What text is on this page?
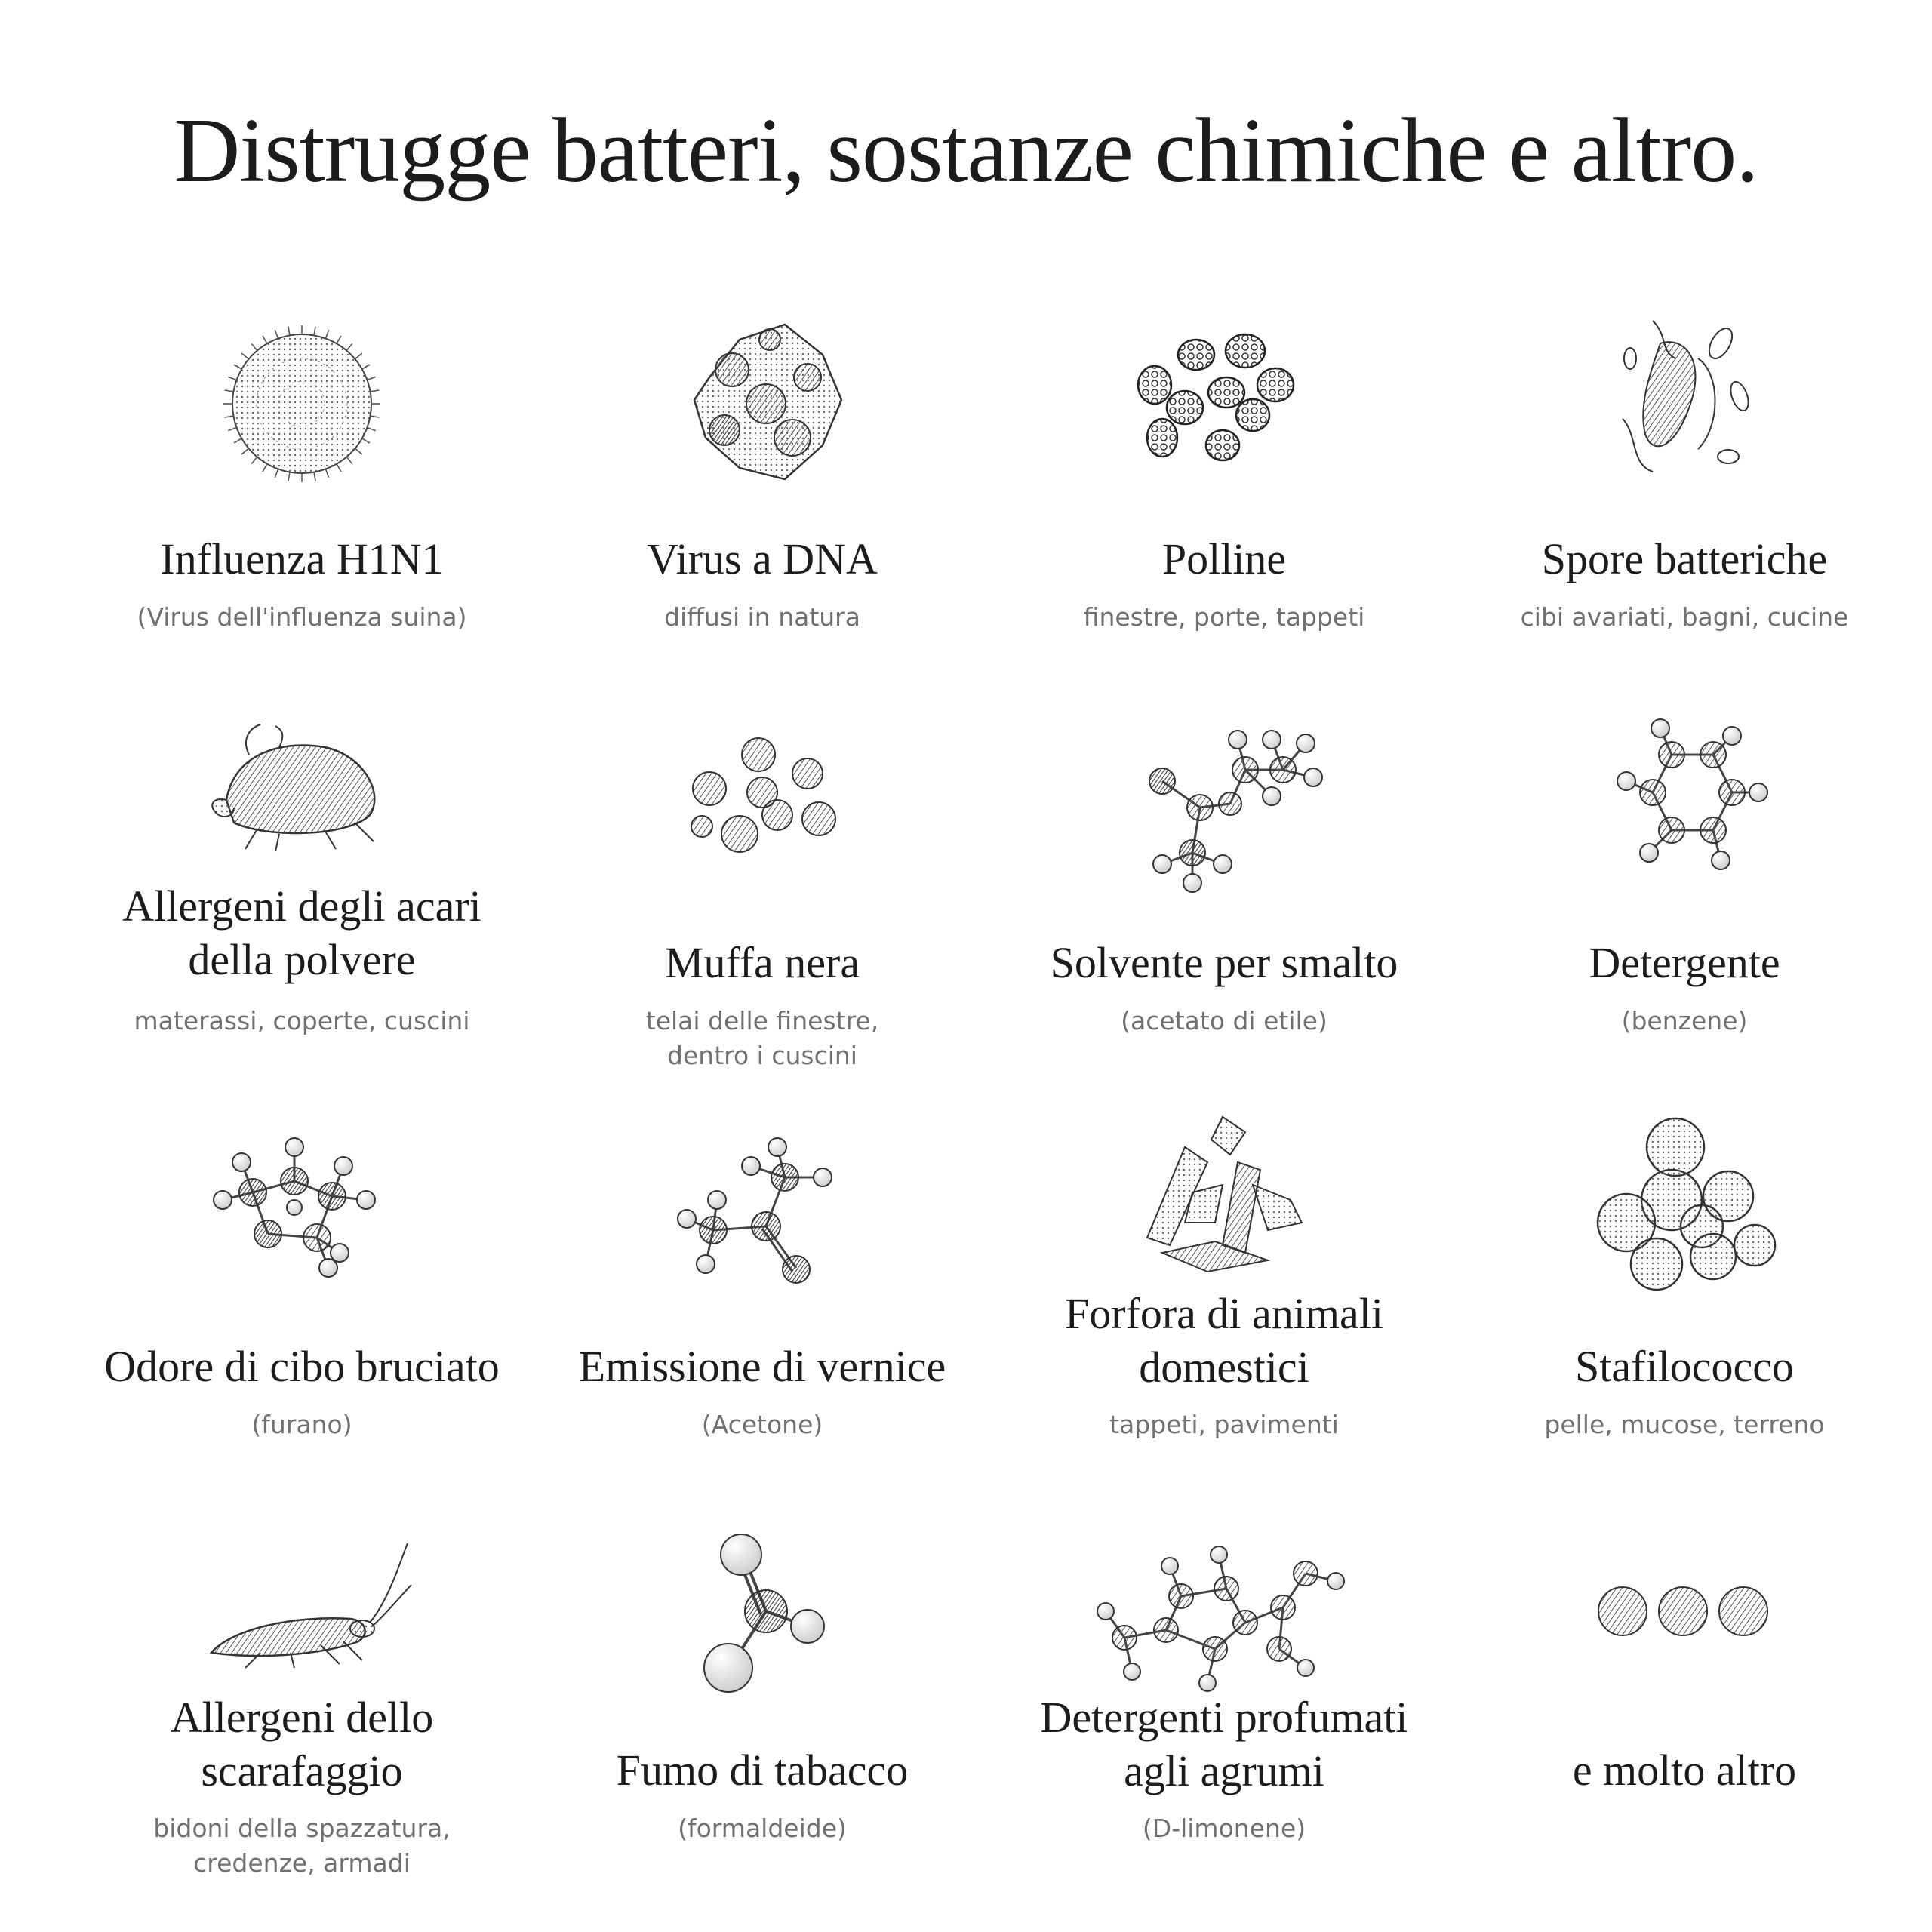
Distrugge batteri, sostanze chimiche e altro.
Influenza H1N1
(Virus dell'influenza suina)
Virus a DNA
diffusi in natura
Polline
finestre, porte, tappeti
Spore batteriche
cibi avariati, bagni, cucine
Allergeni degli acari
della polvere
materassi, coperte, cuscini
Muffa nera
telai delle finestre,
dentro i cuscini
Solvente per smalto
(acetato di etile)
Detergente
(benzene)
Odore di cibo bruciato
(furano)
Emissione di vernice
(Acetone)
Forfora di animali
domestici
tappeti, pavimenti
Stafilococco
pelle, mucose, terreno
Allergeni dello
scarafaggio
bidoni della spazzatura,
credenze, armadi
Fumo di tabacco
(formaldeide)
Detergenti profumati
agli agrumi
(D-limonene)
e molto altro
